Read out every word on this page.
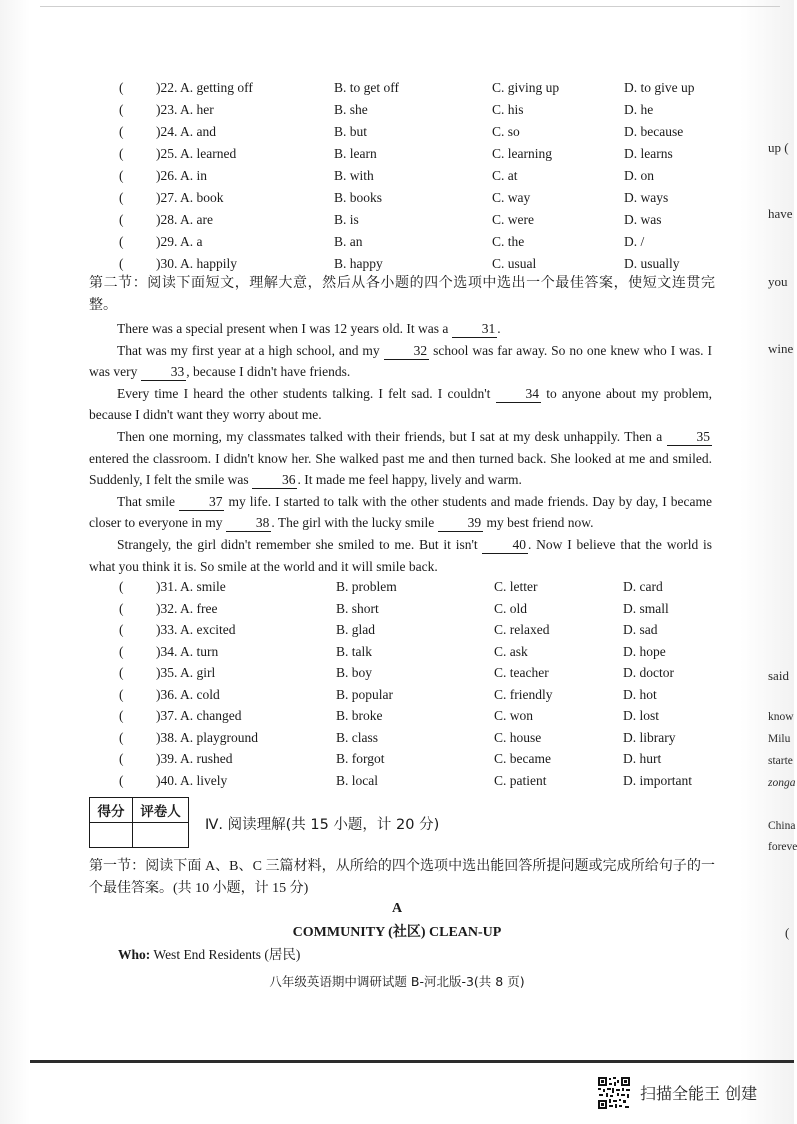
( )22. A. getting off	B. to get off	C. giving up	D. to give up
( )23. A. her	B. she	C. his	D. he
( )24. A. and	B. but	C. so	D. because
( )25. A. learned	B. learn	C. learning	D. learns
( )26. A. in	B. with	C. at	D. on
( )27. A. book	B. books	C. way	D. ways
( )28. A. are	B. is	C. were	D. was
( )29. A. a	B. an	C. the	D. /
( )30. A. happily	B. happy	C. usual	D. usually
第二节：阅读下面短文，理解大意，然后从各小题的四个选项中选出一个最佳答案，使短文连贯完整。

There was a special present when I was 12 years old. It was a 31 .

That was my first year at a high school, and my	32 school was far away. So no one knew who I was. I was very 33 , because I didn't have friends.

Every time I heard the other students talking. I felt sad. I couldn't	34 to anyone about my problem, because I didn't want they worry about me.

Then one morning, my classmates talked with their friends, but I sat at my desk unhappily. Then a	35 entered the classroom. I didn't know her. She walked past me and then turned back. She looked at me and smiled. Suddenly, I felt the smile was 36 . It made me feel happy, lively and warm.

That smile	37 my life. I started to talk with the other students and made friends. Day by day, I became closer to everyone in my 38 . The girl with the lucky smile 39 my best friend now.

Strangely, the girl didn't remember she smiled to me. But it isn't	40 . Now I believe that the world is what you think it is. So smile at the world and it will smile back.

( )31. A. smile	B. problem	C. letter	D. card
( )32. A. free	B. short	C. old	D. small
( )33. A. excited	B. glad	C. relaxed	D. sad
( )34. A. turn	B. talk	C. ask	D. hope
( )35. A. girl	B. boy	C. teacher	D. doctor
( )36. A. cold	B. popular	C. friendly	D. hot
( )37. A. changed	B. broke	C. won	D. lost
( )38. A. playground	B. class	C. house	D. library
( )39. A. rushed	B. forgot	C. became	D. hurt
( )40. A. lively	B. local	C. patient	D. important
得分	评卷人

Ⅳ. 阅读理解(共 15 小题，计 20 分)
第一节：阅读下面 A、B、C 三篇材料，从所给的四个选项中选出能回答所提问题或完成所给句子的一个最佳答案。(共 10 小题，计 15 分)
A
COMMUNITY (社区) CLEAN-UP
Who: West End Residents (居民)
八年级英语期中调研试题 B-河北版-3(共 8 页)
up (
have
you
wine
said
know
Milu
starte
zonga
China
foreve
(
扫描全能王 创建
